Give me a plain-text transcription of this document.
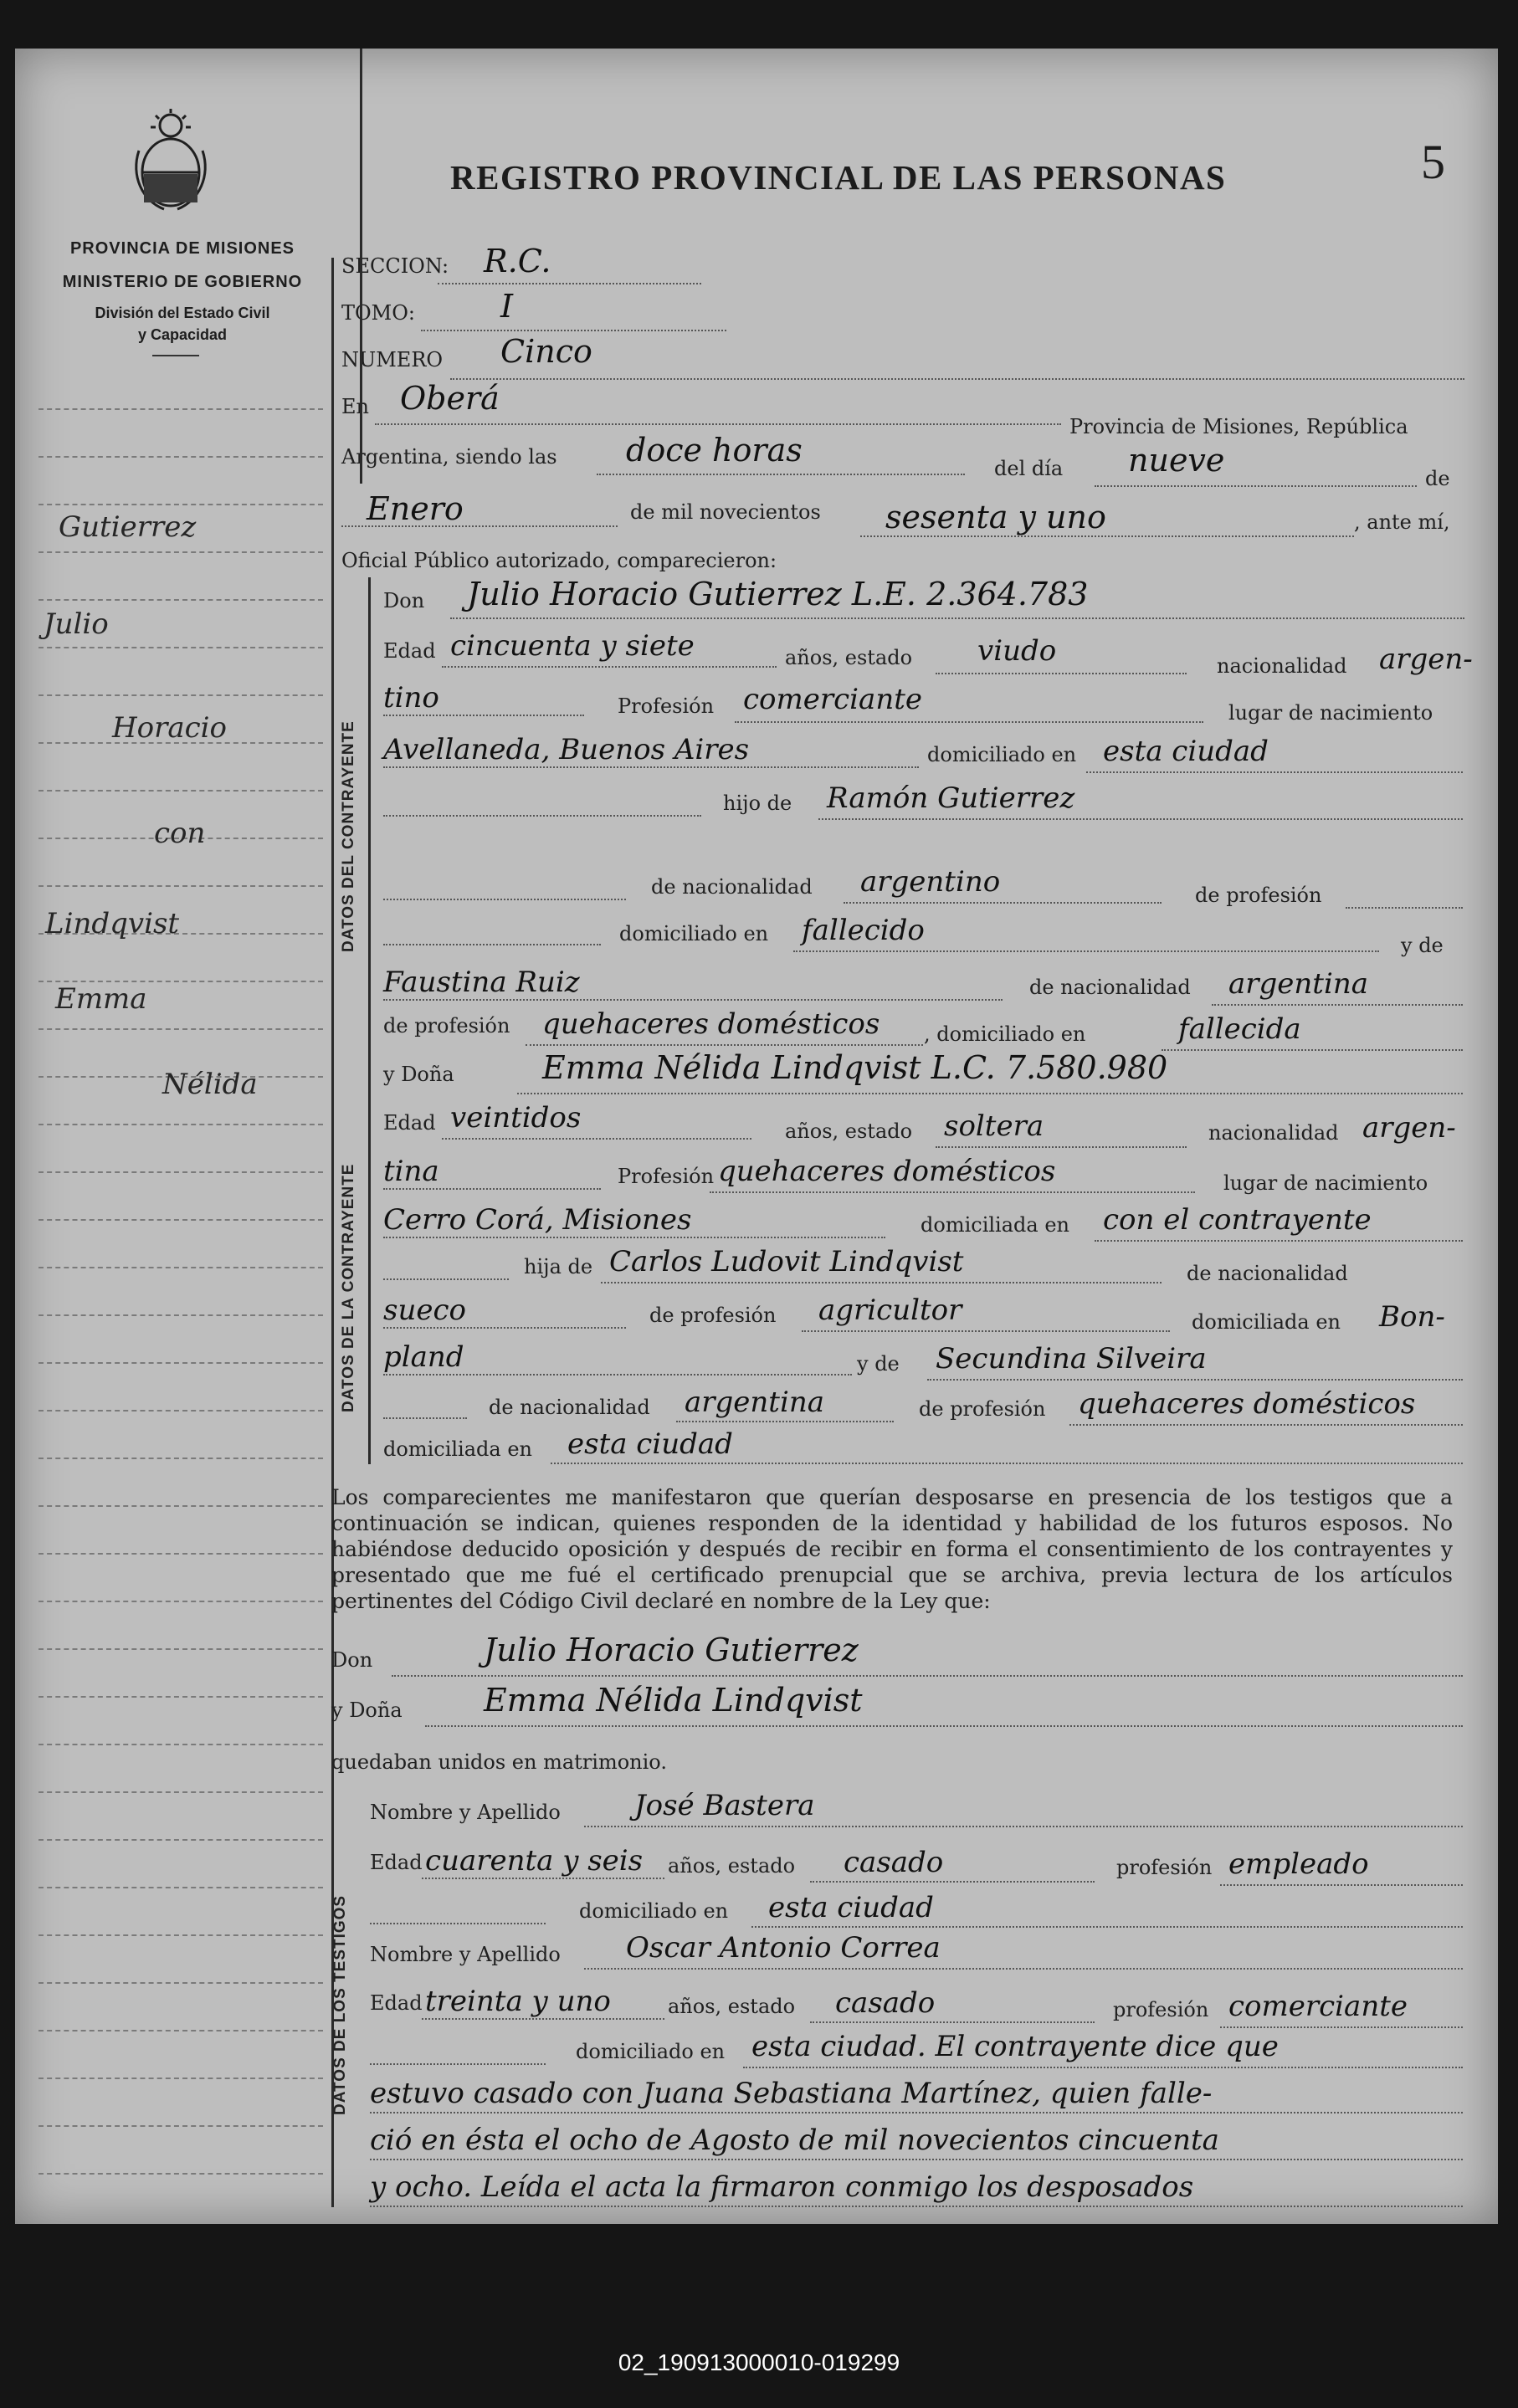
PROVINCIA DE MISIONES
MINISTERIO DE GOBIERNO
División del Estado Civil
y Capacidad
Gutierrez
Julio
Horacio
con
Lindqvist
Emma
Nélida
REGISTRO PROVINCIAL DE LAS PERSONAS	5
SECCION: R.C.
TOMO:	I
NUMERO Cinco
En Oberá
Provincia de Misiones, República
Argentina, siendo las doce horas	del día nueve	de
Enero	de mil novecientos sesenta y uno	, ante mí,
Oficial Público autorizado, comparecieron:
DATOS DEL CONTRAYENTE
Don Julio Horacio Gutierrez L.E. 2.364.783
Edad cincuenta y siete	años, estado viudo	nacionalidad argen-
tino	Profesión comerciante	lugar de nacimiento
Avellaneda, Buenos Aires	domiciliado en esta ciudad
hijo de Ramón Gutierrez
de nacionalidad argentino	de profesión
domiciliado en fallecido	y de
Faustina Ruiz	de nacionalidad argentina
de profesión quehaceres domésticos , domiciliado en	fallecida
DATOS DE LA CONTRAYENTE
y Doña	Emma Nélida Lindqvist L.C. 7.580.980
Edad veintidos	años, estado soltera	nacionalidad argen-
tina	Profesión quehaceres domésticos	lugar de nacimiento
Cerro Corá, Misiones	domiciliada en con el contrayente
hija de Carlos Ludovit Lindqvist	de nacionalidad
sueco	de profesión agricultor	domiciliada en Bon-
pland	y de Secundina Silveira
de nacionalidad argentina	de profesión quehaceres domésticos
domiciliada en esta ciudad

Los comparecientes me manifestaron que querían desposarse en presencia de los testigos que a continuación se indican, quienes responden de la identidad y habilidad de los futuros esposos. No habiéndose deducido oposición y después de recibir en forma el consentimiento de los contrayentes y presentado que me fué el certificado prenupcial que se archiva, previa lectura de los artículos pertinentes del Código Civil declaré en nombre de la Ley que:

Don	Julio Horacio Gutierrez
y Doña	Emma Nélida Lindqvist
quedaban unidos en matrimonio.
DATOS DE LOS TESTIGOS
Nombre y Apellido	José Bastera
Edad cuarenta y seis años, estado casado	profesión empleado
domiciliado en esta ciudad
Nombre y Apellido Oscar Antonio Correa
Edad treinta y uno	años, estado casado	profesión comerciante
domiciliado en esta ciudad. El contrayente dice que
estuvo casado con Juana Sebastiana Martínez, quien falle-
ció en ésta el ocho de Agosto de mil novecientos cincuenta
y ocho. Leída el acta la firmaron conmigo los desposados
02_190913000010-019299
